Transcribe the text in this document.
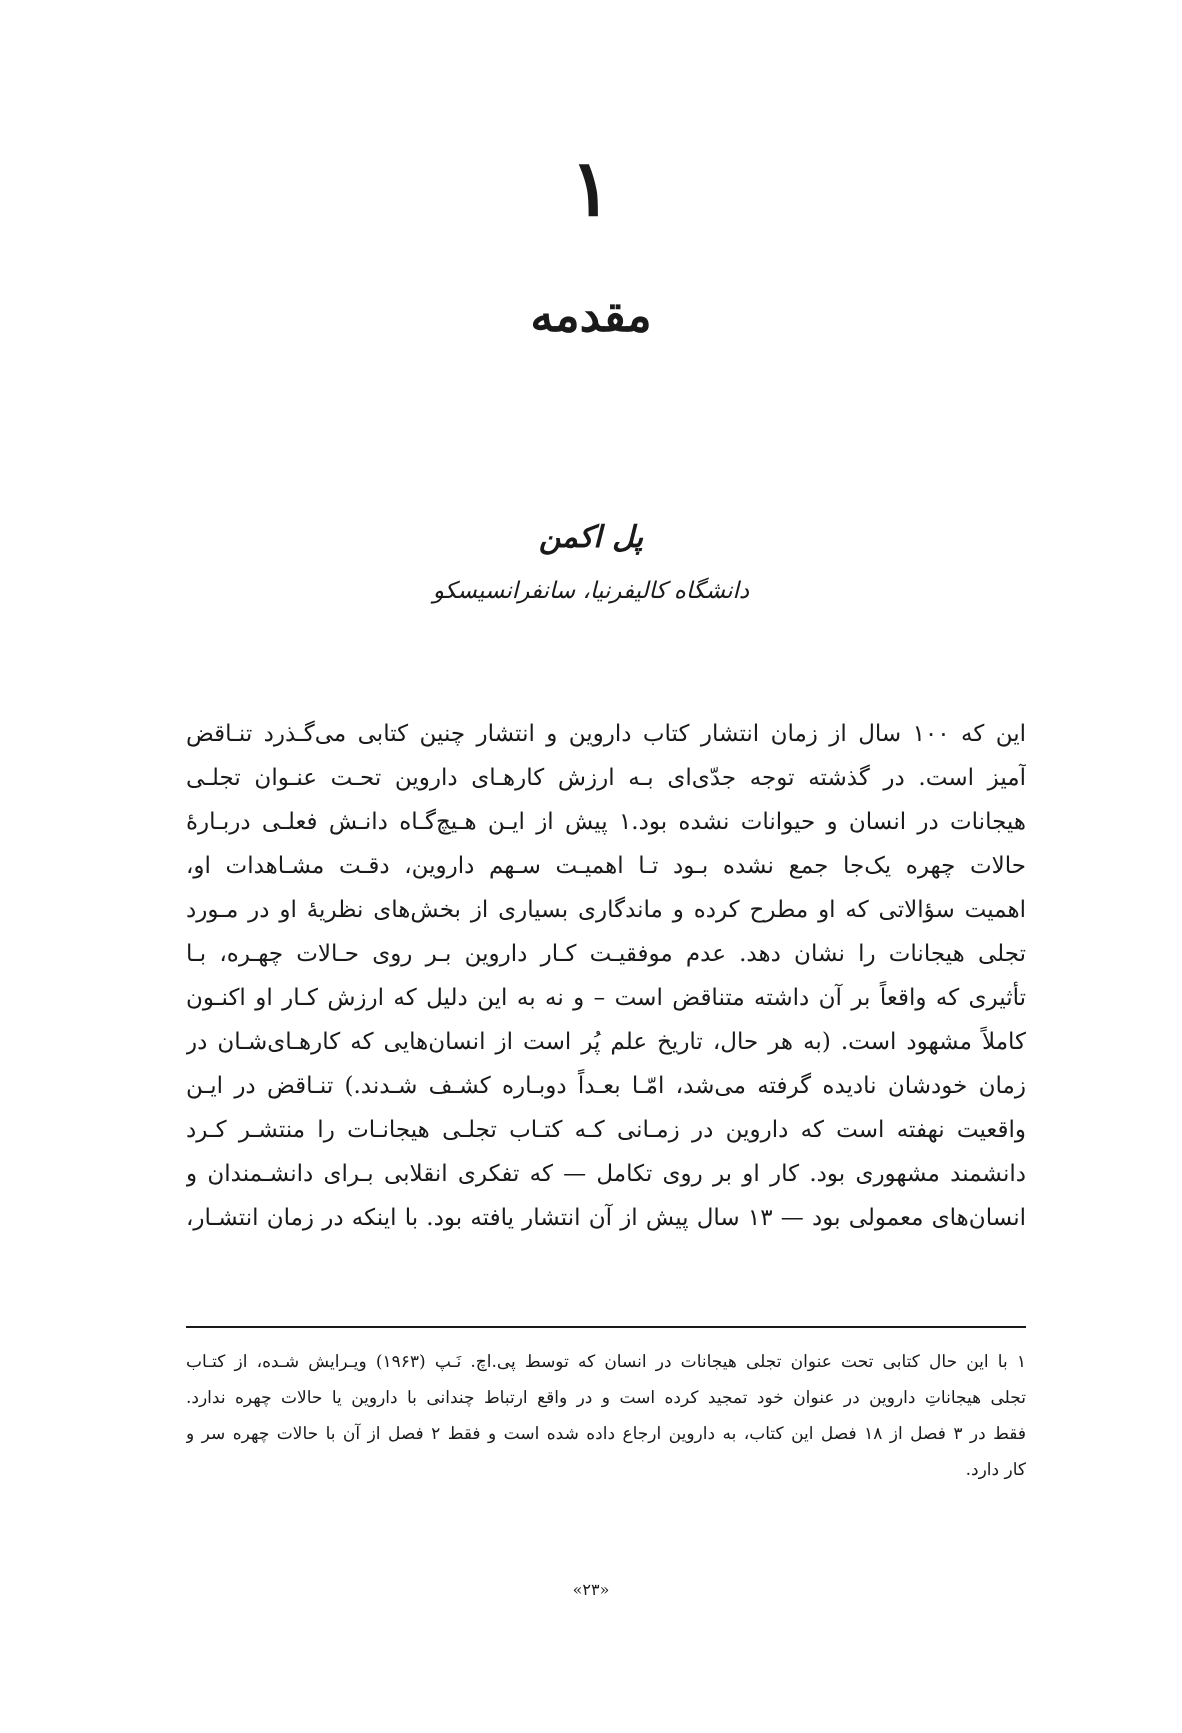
۱
مقدمه
پل اکمن
دانشگاه کالیفرنیا، سانفرانسیسکو
این که ۱۰۰ سال از زمان انتشار کتاب داروین و انتشار چنین کتابی می‌گـذرد تنـاقض
آمیز است. در گذشته توجه جدّی‌ای بـه ارزش کارهـای داروین تحـت عنـوان تجلـی
هیجانات در انسان و حیوانات نشده بود.۱ پیش از ایـن هـیچ‌گـاه دانـش فعلـی دربـارهٔ
حالات چهره یک‌جا جمع نشده بـود تـا اهمیـت سـهم داروین، دقـت مشـاهدات او،
اهمیت سؤالاتی که او مطرح کرده و ماندگاری بسیاری از بخش‌های نظریهٔ او در مـورد
تجلی هیجانات را نشان دهد. عدم موفقیـت کـار داروین بـر روی حـالات چهـره، بـا
تأثیری که واقعاً بر آن داشته متناقض است – و نه به این دلیل که ارزش کـار او اکنـون
کاملاً مشهود است. (به هر حال، تاریخ علم پُر است از انسان‌هایی که کارهـای‌شـان در
زمان خودشان نادیده گرفته می‌شد، امّـا بعـداً دوبـاره کشـف شـدند.) تنـاقض در ایـن
واقعیت نهفته است که داروین در زمـانی کـه کتـاب تجلـی هیجانـات را منتشـر کـرد
دانشمند مشهوری بود. کار او بر روی تکامل — که تفکری انقلابی بـرای دانشـمندان و
انسان‌های معمولی بود — ۱۳ سال پیش از آن انتشار یافته بود. با اینکه در زمان انتشـار،
۱ با این حال کتابی تحت عنوان تجلی هیجانات در انسان که توسط پی.اچ. نَـپ (۱۹۶۳) ویـرایش شـده، از کتـاب
تجلی هیجاناتِ داروین در عنوان خود تمجید کرده است و در واقع ارتباط چندانی با داروین یا حالات چهره ندارد.
فقط در ۳ فصل از ۱۸ فصل این کتاب، به داروین ارجاع داده شده است و فقط ۲ فصل از آن با حالات چهره سر و
کار دارد.
«۲۳»
